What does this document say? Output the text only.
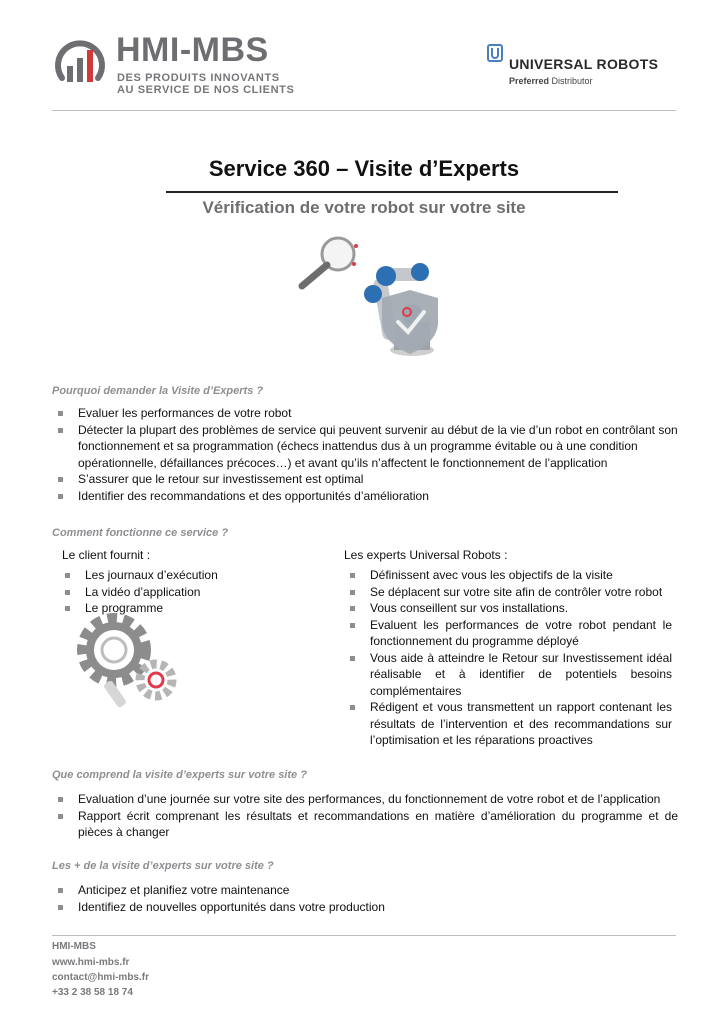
HMI-MBS
DES PRODUITS INNOVANTS
AU SERVICE DE NOS CLIENTS
UNIVERSAL ROBOTS
Preferred Distributor
Service 360 – Visite d’Experts
Vérification de votre robot sur votre site
Pourquoi demander la Visite d’Experts ?
Evaluer les performances de votre robot
Détecter la plupart des problèmes de service qui peuvent survenir au début de la vie d’un robot en contrôlant son fonctionnement et sa programmation (échecs inattendus dus à un programme évitable ou à une condition opérationnelle, défaillances précoces…) et avant qu’ils n’affectent le fonctionnement de l’application
S’assurer que le retour sur investissement est optimal
Identifier des recommandations et des opportunités d’amélioration
Comment fonctionne ce service ?
Le client fournit :
Les journaux d’exécution
La vidéo d’application
Le programme
Les experts Universal Robots :
Définissent avec vous les objectifs de la visite
Se déplacent sur votre site afin de contrôler votre robot
Vous conseillent sur vos installations.
Evaluent les performances de votre robot pendant le fonctionnement du programme déployé
Vous aide à atteindre le Retour sur Investissement idéal réalisable et à identifier de potentiels besoins complémentaires
Rédigent et vous transmettent un rapport contenant les résultats de l’intervention et des recommandations sur l’optimisation et les réparations proactives
Que comprend la visite d’experts sur votre site ?
Evaluation d’une journée sur votre site des performances, du fonctionnement de votre robot et de l’application
Rapport écrit comprenant les résultats et recommandations en matière d’amélioration du programme et de pièces à changer
Les + de la visite d’experts sur votre site ?
Anticipez et planifiez votre maintenance
Identifiez de nouvelles opportunités dans votre production
HMI-MBS
www.hmi-mbs.fr
contact@hmi-mbs.fr
+33 2 38 58 18 74
